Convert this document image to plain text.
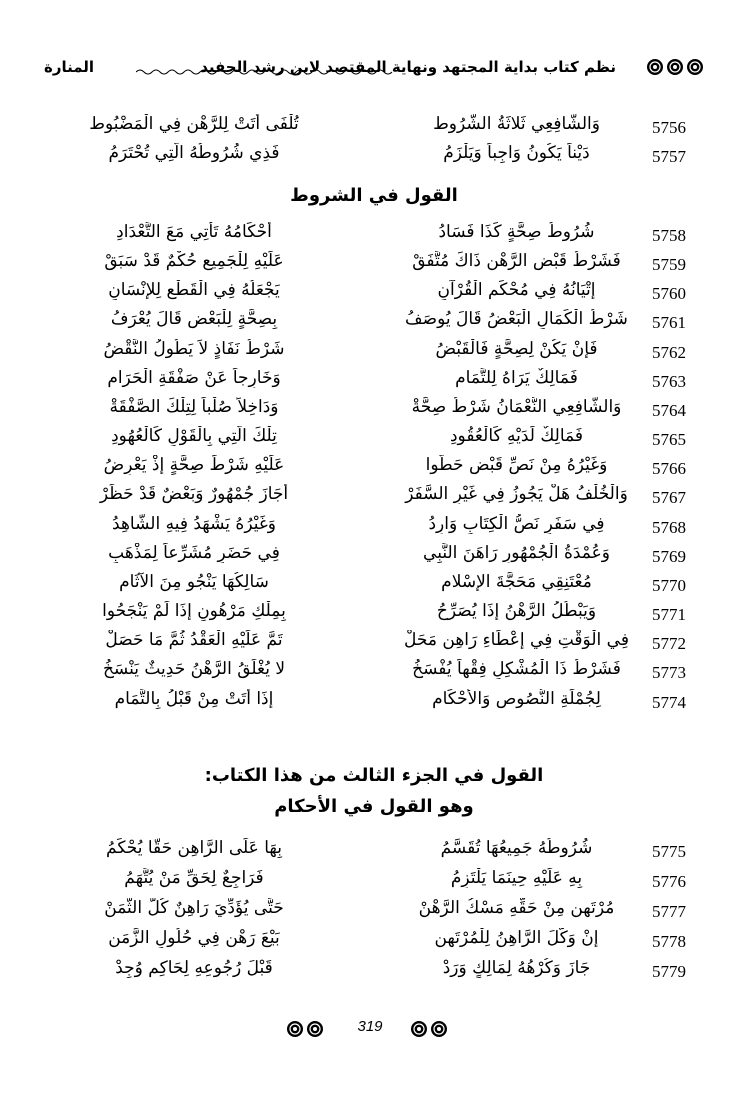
المنارة	نظم كتاب بداية المجتهد ونهاية المقتصد لابن رشد الحفيد
5756
وَالشَّافِعِي ثَلاثَةُ الشُّرُوط
تُلْفَى أَتَتْ لِلرَّهْنِ فِي الْمَضْبُوط
5757
دَيْناً يَكُونُ وَاجِباً وَيَلْزَمُ
فَذِي شُرُوطُهُ الَّتِي تُحْتَرَمُ
القول في الشروط
5758
شُرُوطُ صِحَّةٍ كَذَا فَسَادُ
أَحْكَامُهُ تَأْتِي مَعَ التَّعْدَادِ
5759
فَشَرْطُ قَبْضِ الرَّهْنِ ذَاكَ مُتَّفَقْ
عَلَيْهِ لِلْجَمِيعِ حُكْمٌ قَدْ سَبَقْ
5760
إِتْيَانُهُ فِي مُحْكَمِ الْقُرْآنِ
يَجْعَلُهُ فِي الْقَطْعِ لِلإِنْسَانِ
5761
شَرْطُ الْكَمَالِ الْبَعْضُ قَالَ يُوصَفُ
بِصِحَّةٍ لِلْبَعْضِ قَالَ يُعْرَفُ
5762
فَإِنْ يَكُنْ لِصِحَّةٍ فَالْقَبْضُ
شَرْطُ نَفَاذٍ لاَ يَطُولُ النَّقْضُ
5763
فَمَالِكٌ يَرَاهُ لِلتَّمَامِ
وَخَارِجاً عَنْ صَفْقَةِ الْحَرَامِ
5764
وَالشَّافِعِي النُّعْمَانُ شَرْطُ صِحَّةْ
وَدَاخِلاً صُلْباً لِتِلْكَ الصَّفْقَةْ
5765
فَمَالِكٌ لَدَيْهِ كَالْعُقُودِ
تِلْكَ الَّتِي بِالْقَوْلِ كَالْعُهُودِ
5766
وَغَيْرُهُ مِنْ نَصِّ قَبْضٍ حَطُّوا
عَلَيْهِ شَرْطَ صِحَّةٍ إِذْ يَعْرِضُ
5767
وَالْخُلْفُ هَلْ يَجُوزُ فِي غَيْرِ السَّفَرْ
أَجَازَ جُمْهُورٌ وَبَعْضٌ قَدْ حَظَرْ
5768
فِي سَفَرٍ نَصُّ الْكِتَابِ وَارِدُ
وَغَيْرُهُ يَشْهَدُ فِيهِ الشَّاهِدُ
5769
وَعُمْدَةُ الْجُمْهُورِ رَاهَنَ النَّبِي
فِي حَضَرٍ مُشَرِّعاً لِمَذْهَبِ
5770
مُعْتَنِقِي مَحَجَّةَ الإِسْلامِ
سَالِكُهَا يَنْجُو مِنَ الآثَامِ
5771
وَيَبْطُلُ الرَّهْنُ إِذَا يُصَرِّحُ
بِمِلْكِ مَرْهُونٍ إِذَا لَمْ يَنْجَحُوا
5772
فِي الْوَقْتِ فِي إِعْطَاءِ رَاهِنٍ مَحَلْ
تَمَّ عَلَيْهِ الْعَقْدُ ثُمَّ مَا حَصَلْ
5773
فَشَرْطُ ذَا الْمُشْكِلِ فِقْهاً يُفْسَخُ
لا يُغْلَقُ الرَّهْنُ حَدِيثٌ يَنْسَخُ
5774
لِجُمْلَةِ النُّصُوصِ وَالأَحْكَامِ
إِذَا أَتَتْ مِنْ قَبْلُ بِالتَّمَامِ
القول في الجزء الثالث من هذا الكتاب:
وهو القول في الأحكام
5775
شُرُوطُهُ جَمِيعُهَا تُقَسَّمُ
بِهَا عَلَى الرَّاهِنِ حَقًّا يُحْكَمُ
5776
بِهِ عَلَيْهِ حِينَمَا يَلْتَزِمُ
فَرَاجِعٌ لِحَقِّ مَنْ يُتَّهَمُ
5777
مُرْتَهِنٍ مِنْ حَقِّهِ مَسْكُ الرَّهْنْ
حَتَّى يُؤَدِّيَ رَاهِنٌ كُلَّ الثَّمَنْ
5778
إِنْ وَكَّلَ الرَّاهِنُ لِلْمُرْتَهِنِ
بَيْعَ رَهْنٍ فِي حُلُولِ الزَّمَنِ
5779
جَازَ وَكُرْهُهُ لِمَالِكٍ وَرَدْ
قَبْلَ رُجُوعِهِ لِحَاكِمٍ وُجِدْ
319
